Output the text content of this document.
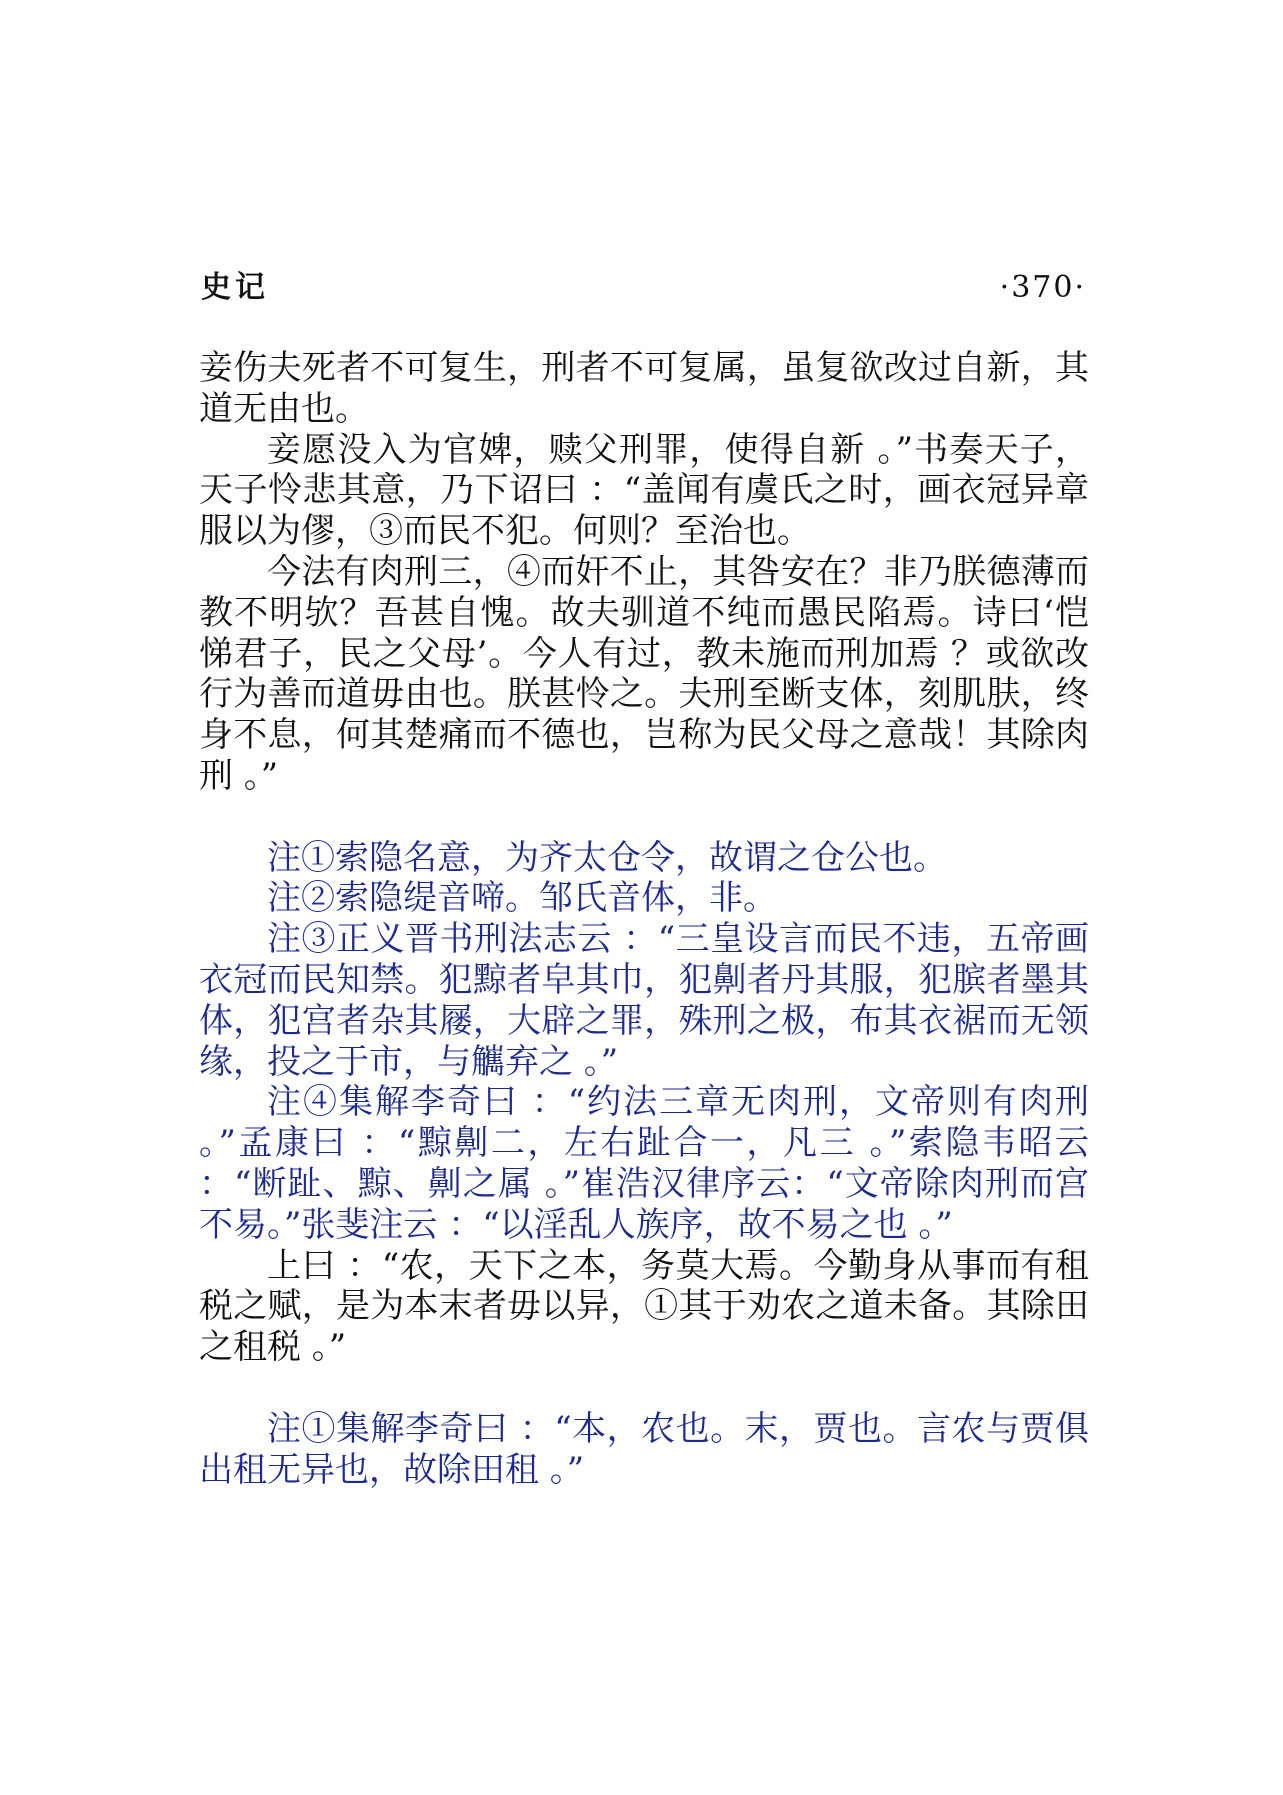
史记	·370·

妾伤夫死者不可复生，刑者不可复属，虽复欲改过自新，其道无由也。

妾愿没入为官婢，赎父刑罪，使得自新 。”书奏天子，天子怜悲其意，乃下诏曰 ：“盖闻有虞氏之时，画衣冠异章服以为僇，③而民不犯。何则？至治也。

今法有肉刑三，④而奸不止，其咎安在？非乃朕德薄而教不明欤？吾甚自愧。故夫驯道不纯而愚民陷焉。诗曰‘恺悌君子，民之父母’。今人有过，教未施而刑加焉 ？或欲改行为善而道毋由也。朕甚怜之。夫刑至断支体，刻肌肤，终身不息，何其楚痛而不德也，岂称为民父母之意哉！其除肉刑 。”

注①索隐名意，为齐太仓令，故谓之仓公也。

注②索隐缇音啼。邹氏音体，非。

注③正义晋书刑法志云 ：“三皇设言而民不违，五帝画衣冠而民知禁。犯黥者皁其巾，犯劓者丹其服，犯膑者墨其体，犯宫者杂其屦，大辟之罪，殊刑之极，布其衣裾而无领缘，投之于市，与觽弃之 。”

注④集解李奇曰 ：“约法三章无肉刑，文帝则有肉刑 。”孟康曰 ：“黥劓二，左右趾合一，凡三 。”索隐韦昭云 ：“断趾、黥、劓之属 。”崔浩汉律序云：“文帝除肉刑而宫不易。”张斐注云 ：“以淫乱人族序，故不易之也 。”

上曰 ：“农，天下之本，务莫大焉。今勤身从事而有租税之赋，是为本末者毋以异，①其于劝农之道未备。其除田之租税 。”

注①集解李奇曰 ：“本，农也。末，贾也。言农与贾俱出租无异也，故除田租 。”
